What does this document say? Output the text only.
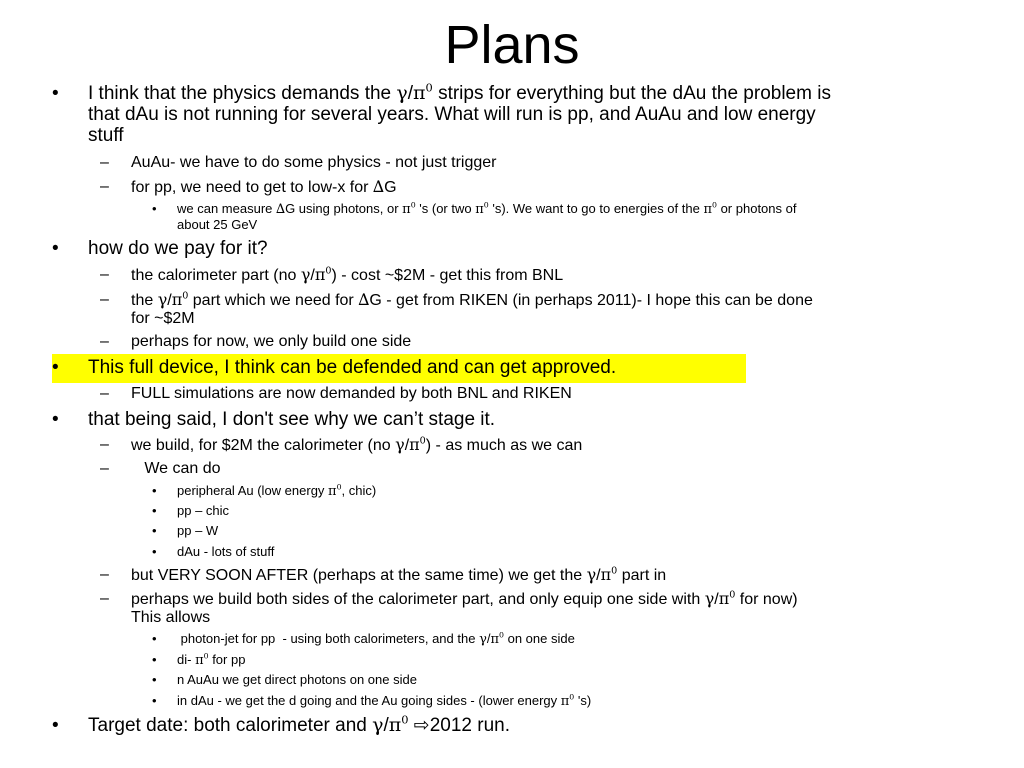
Plans
• I think that the physics demands the $\gamma/\pi^0$ strips for everything but the dAu the problem is
that dAu is not running for several years. What will run is pp, and AuAu and low energy
stuff
– AuAu- we have to do some physics - not just trigger
– for pp, we need to get to low-x for ∆G
• we can measure ∆G using photons, or $\pi^0$ 's (or two $\pi^0$ 's). We want to go to energies of the $\pi^0$ or photons of
about 25 GeV
• how do we pay for it?
– the calorimeter part (no $\gamma/\pi^0$) - cost ~$2M - get this from BNL
– the $\gamma/\pi^0$ part which we need for ∆G - get from RIKEN (in perhaps 2011)- I hope this can be done
for ~$2M
– perhaps for now, we only build one side
• This full device, I think can be defended and can get approved.
– FULL simulations are now demanded by both BNL and RIKEN
• that being said, I don't see why we can’t stage it.
– we build, for $2M the calorimeter (no $\gamma/\pi^0$) - as much as we can
– We can do
• peripheral Au (low energy $\pi^0$, chic)
• pp – chic
• pp – W
• dAu - lots of stuff
– but VERY SOON AFTER (perhaps at the same time) we get the $\gamma/\pi^0$ part in
– perhaps we build both sides of the calorimeter part, and only equip one side with $\gamma/\pi^0$ for now)
This allows
• photon-jet for pp  - using both calorimeters, and the $\gamma/\pi^0$ on one side
• di- $\pi^0$ for pp
• n AuAu we get direct photons on one side
• in dAu - we get the d going and the Au going sides - (lower energy $\pi^0$ 's)
• Target date: both calorimeter and $\gamma/\pi^0$ ⇨2012 run.
